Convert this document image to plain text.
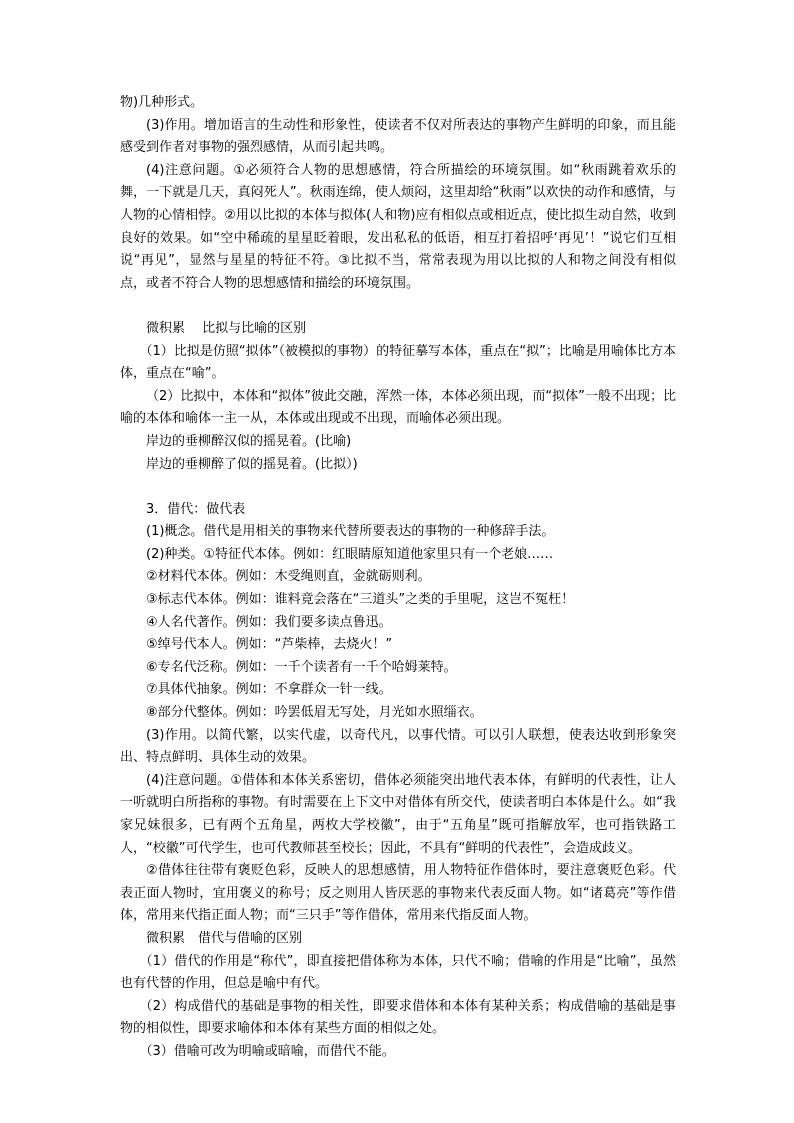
物)几种形式。

(3)作用。增加语言的生动性和形象性，使读者不仅对所表达的事物产生鲜明的印象，而且能感受到作者对事物的强烈感情，从而引起共鸣。

(4)注意问题。①必须符合人物的思想感情，符合所描绘的环境氛围。如“秋雨跳着欢乐的舞，一下就是几天，真闷死人”。秋雨连绵，使人烦闷，这里却给“秋雨”以欢快的动作和感情，与人物的心情相悖。②用以比拟的本体与拟体(人和物)应有相似点或相近点，使比拟生动自然，收到良好的效果。如“空中稀疏的星星眨着眼，发出私私的低语，相互打着招呼‘再见’！”说它们互相说“再见”，显然与星星的特征不符。③比拟不当，常常表现为用以比拟的人和物之间没有相似点，或者不符合人物的思想感情和描绘的环境氛围。

微积累　 比拟与比喻的区别

（1）比拟是仿照“拟体”（被模拟的事物）的特征摹写本体，重点在“拟”；比喻是用喻体比方本体，重点在“喻”。

（2）比拟中，本体和“拟体”彼此交融，浑然一体，本体必须出现，而“拟体”一般不出现；比喻的本体和喻体一主一从，本体或出现或不出现，而喻体必须出现。

岸边的垂柳醉汉似的摇晃着。(比喻)

岸边的垂柳醉了似的摇晃着。(比拟）)

3．借代：做代表

(1)概念。借代是用相关的事物来代替所要表达的事物的一种修辞手法。

(2)种类。①特征代本体。例如：红眼睛原知道他家里只有一个老娘……

②材料代本体。例如：木受绳则直，金就砺则利。

③标志代本体。例如：谁料竟会落在“三道头”之类的手里呢，这岂不冤枉！

④人名代著作。例如：我们要多读点鲁迅。

⑤绰号代本人。例如：“芦柴棒，去烧火！”

⑥专名代泛称。例如：一千个读者有一千个哈姆莱特。

⑦具体代抽象。例如：不拿群众一针一线。

⑧部分代整体。例如：吟罢低眉无写处，月光如水照缁衣。

(3)作用。以简代繁，以实代虚，以奇代凡，以事代情。可以引人联想，使表达收到形象突出、特点鲜明、具体生动的效果。

(4)注意问题。①借体和本体关系密切，借体必须能突出地代表本体，有鲜明的代表性，让人一听就明白所指称的事物。有时需要在上下文中对借体有所交代，使读者明白本体是什么。如“我家兄妹很多，已有两个五角星，两枚大学校徽”，由于“五角星”既可指解放军，也可指铁路工人，“校徽”可代学生，也可代教师甚至校长；因此，不具有“鲜明的代表性”，会造成歧义。

②借体往往带有褒贬色彩，反映人的思想感情，用人物特征作借体时，要注意褒贬色彩。代表正面人物时，宜用褒义的称号；反之则用人皆厌恶的事物来代表反面人物。如“诸葛亮”等作借体，常用来代指正面人物；而“三只手”等作借体，常用来代指反面人物。

微积累　借代与借喻的区别

（1）借代的作用是“称代”，即直接把借体称为本体，只代不喻；借喻的作用是“比喻”，虽然也有代替的作用，但总是喻中有代。

（2）构成借代的基础是事物的相关性，即要求借体和本体有某种关系；构成借喻的基础是事物的相似性，即要求喻体和本体有某些方面的相似之处。

（3）借喻可改为明喻或暗喻，而借代不能。
